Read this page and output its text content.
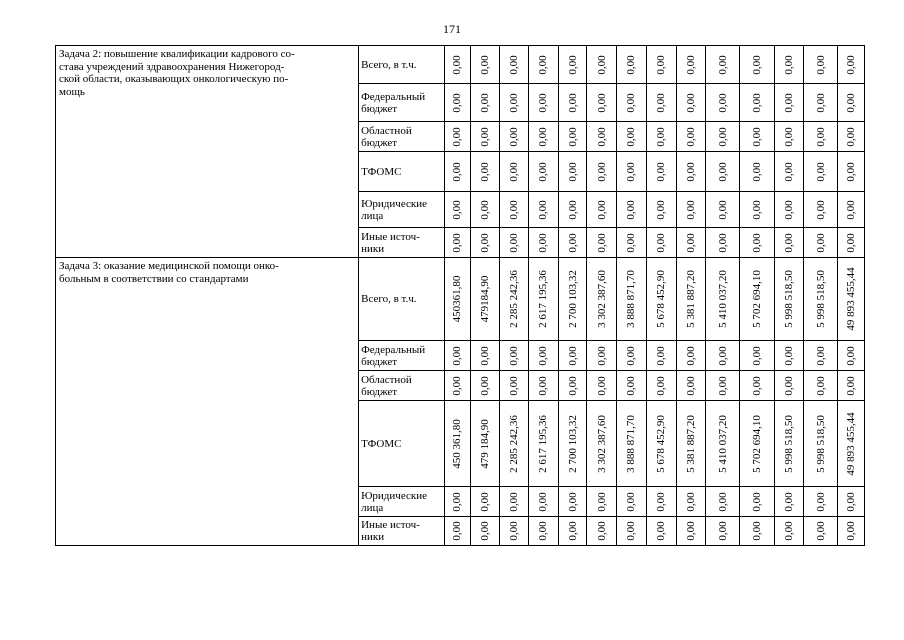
171
Задача 2: повышение квалификации кадрового со-
става учреждений здравоохранения Нижегород-
ской области, оказывающих онкологическую по-
мощь	Всего, в т.ч.	0,00	0,00	0,00	0,00	0,00	0,00	0,00	0,00	0,00	0,00	0,00	0,00	0,00	0,00

	Федеральный бюджет	0,00	0,00	0,00	0,00	0,00	0,00	0,00	0,00	0,00	0,00	0,00	0,00	0,00	0,00

	Областной бюджет	0,00	0,00	0,00	0,00	0,00	0,00	0,00	0,00	0,00	0,00	0,00	0,00	0,00	0,00

	ТФОМС	0,00	0,00	0,00	0,00	0,00	0,00	0,00	0,00	0,00	0,00	0,00	0,00	0,00	0,00

	Юридические лица	0,00	0,00	0,00	0,00	0,00	0,00	0,00	0,00	0,00	0,00	0,00	0,00	0,00	0,00

	Иные источ-
ники	0,00	0,00	0,00	0,00	0,00	0,00	0,00	0,00	0,00	0,00	0,00	0,00	0,00	0,00

Задача 3: оказание медицинской помощи онко-
больным в соответствии со стандартами	Всего, в т.ч.	450361,80	479184,90	2 285 242,36	2 617 195,36	2 700 103,32	3 302 387,60	3 888 871,70	5 678 452,90	5 381 887,20	5 410 037,20	5 702 694,10	5 998 518,50	5 998 518,50	49 893 455,44

	Федеральный бюджет	0,00	0,00	0,00	0,00	0,00	0,00	0,00	0,00	0,00	0,00	0,00	0,00	0,00	0,00

	Областной бюджет	0,00	0,00	0,00	0,00	0,00	0,00	0,00	0,00	0,00	0,00	0,00	0,00	0,00	0,00

	ТФОМС	450 361,80	479 184,90	2 285 242,36	2 617 195,36	2 700 103,32	3 302 387,60	3 888 871,70	5 678 452,90	5 381 887,20	5 410 037,20	5 702 694,10	5 998 518,50	5 998 518,50	49 893 455,44

	Юридические лица	0,00	0,00	0,00	0,00	0,00	0,00	0,00	0,00	0,00	0,00	0,00	0,00	0,00	0,00

	Иные источ-
ники	0,00	0,00	0,00	0,00	0,00	0,00	0,00	0,00	0,00	0,00	0,00	0,00	0,00	0,00
